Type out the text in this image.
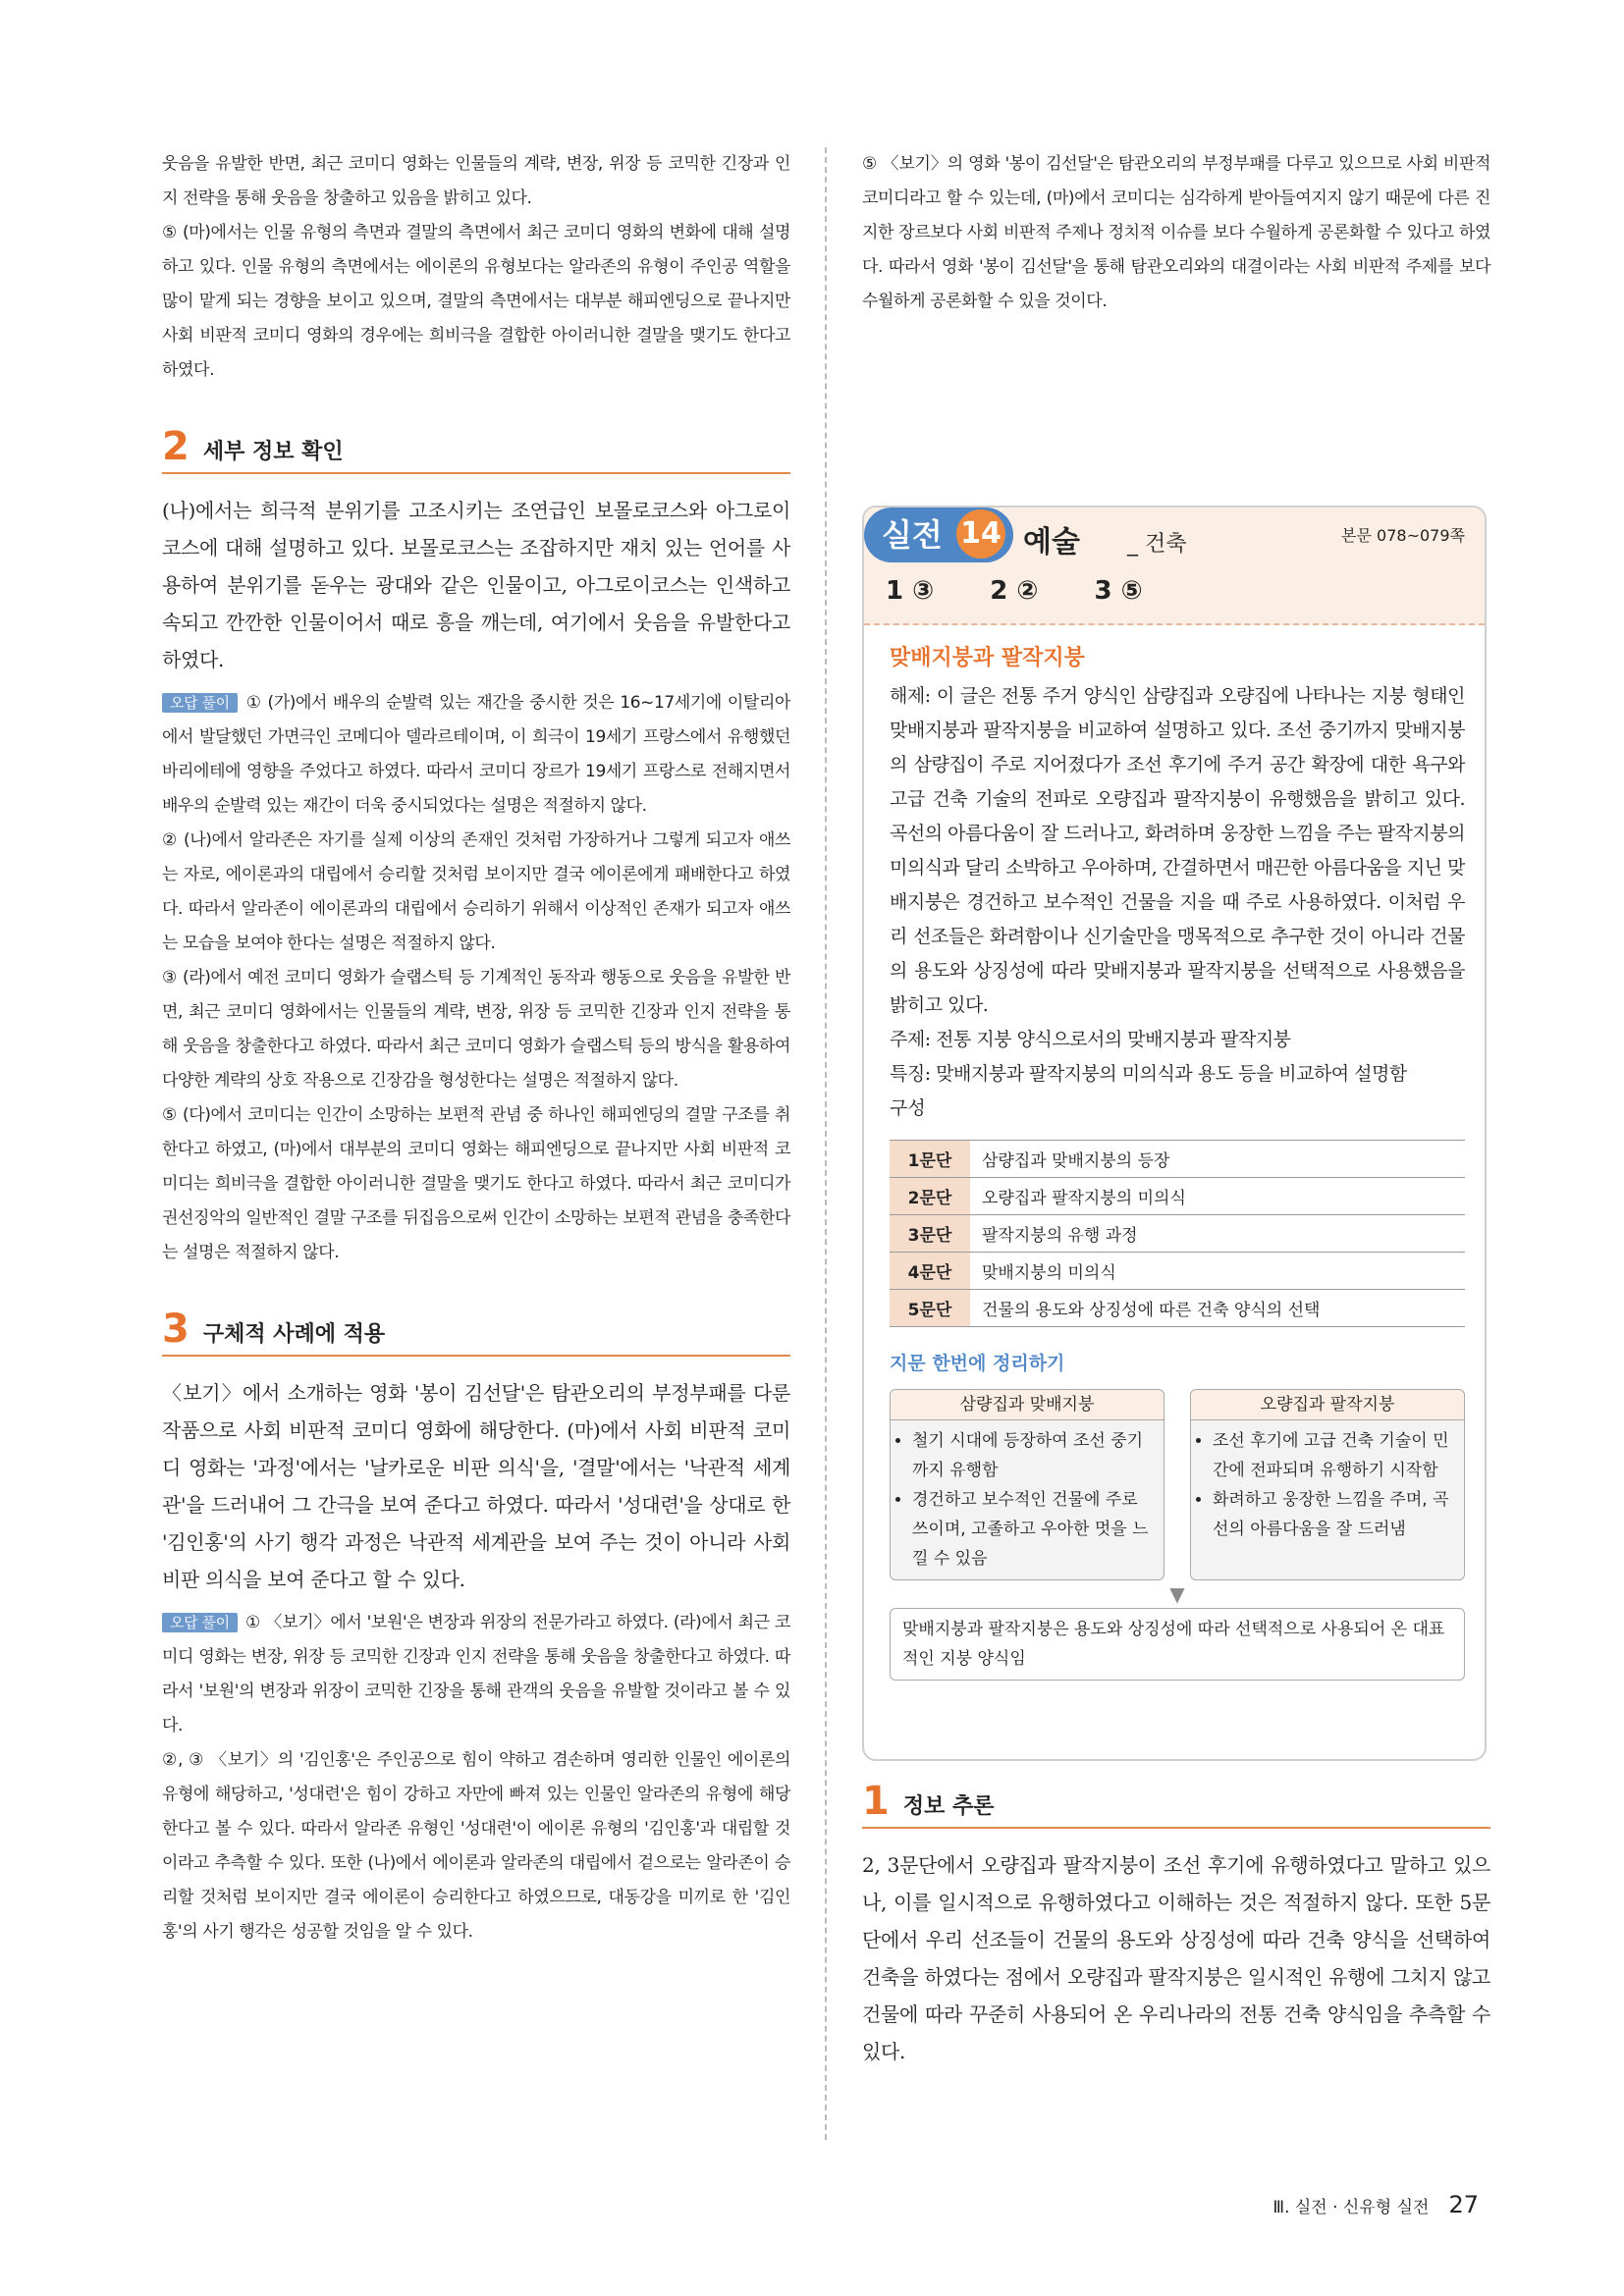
웃음을 유발한 반면, 최근 코미디 영화는 인물들의 계략, 변장, 위장 등 코믹한 긴장과 인지 전략을 통해 웃음을 창출하고 있음을 밝히고 있다.

⑤ (마)에서는 인물 유형의 측면과 결말의 측면에서 최근 코미디 영화의 변화에 대해 설명하고 있다. 인물 유형의 측면에서는 에이론의 유형보다는 알라존의 유형이 주인공 역할을 많이 맡게 되는 경향을 보이고 있으며, 결말의 측면에서는 대부분 해피엔딩으로 끝나지만 사회 비판적 코미디 영화의 경우에는 희비극을 결합한 아이러니한 결말을 맺기도 한다고 하였다.

2 세부 정보 확인

(나)에서는 희극적 분위기를 고조시키는 조연급인 보몰로코스와 아그로이코스에 대해 설명하고 있다. 보몰로코스는 조잡하지만 재치 있는 언어를 사용하여 분위기를 돋우는 광대와 같은 인물이고, 아그로이코스는 인색하고 속되고 깐깐한 인물이어서 때로 흥을 깨는데, 여기에서 웃음을 유발한다고 하였다.

오답 풀이 ① (가)에서 배우의 순발력 있는 재간을 중시한 것은 16~17세기에 이탈리아에서 발달했던 가면극인 코메디아 델라르테이며, 이 희극이 19세기 프랑스에서 유행했던 바리에테에 영향을 주었다고 하였다. 따라서 코미디 장르가 19세기 프랑스로 전해지면서 배우의 순발력 있는 재간이 더욱 중시되었다는 설명은 적절하지 않다.

② (나)에서 알라존은 자기를 실제 이상의 존재인 것처럼 가장하거나 그렇게 되고자 애쓰는 자로, 에이론과의 대립에서 승리할 것처럼 보이지만 결국 에이론에게 패배한다고 하였다. 따라서 알라존이 에이론과의 대립에서 승리하기 위해서 이상적인 존재가 되고자 애쓰는 모습을 보여야 한다는 설명은 적절하지 않다.

③ (라)에서 예전 코미디 영화가 슬랩스틱 등 기계적인 동작과 행동으로 웃음을 유발한 반면, 최근 코미디 영화에서는 인물들의 계략, 변장, 위장 등 코믹한 긴장과 인지 전략을 통해 웃음을 창출한다고 하였다. 따라서 최근 코미디 영화가 슬랩스틱 등의 방식을 활용하여 다양한 계략의 상호 작용으로 긴장감을 형성한다는 설명은 적절하지 않다.

⑤ (다)에서 코미디는 인간이 소망하는 보편적 관념 중 하나인 해피엔딩의 결말 구조를 취한다고 하였고, (마)에서 대부분의 코미디 영화는 해피엔딩으로 끝나지만 사회 비판적 코미디는 희비극을 결합한 아이러니한 결말을 맺기도 한다고 하였다. 따라서 최근 코미디가 권선징악의 일반적인 결말 구조를 뒤집음으로써 인간이 소망하는 보편적 관념을 충족한다는 설명은 적절하지 않다.

3 구체적 사례에 적용

〈보기〉에서 소개하는 영화 '봉이 김선달'은 탐관오리의 부정부패를 다룬 작품으로 사회 비판적 코미디 영화에 해당한다. (마)에서 사회 비판적 코미디 영화는 '과정'에서는 '날카로운 비판 의식'을, '결말'에서는 '낙관적 세계관'을 드러내어 그 간극을 보여 준다고 하였다. 따라서 '성대련'을 상대로 한 '김인홍'의 사기 행각 과정은 낙관적 세계관을 보여 주는 것이 아니라 사회 비판 의식을 보여 준다고 할 수 있다.

오답 풀이 ① 〈보기〉에서 '보원'은 변장과 위장의 전문가라고 하였다. (라)에서 최근 코미디 영화는 변장, 위장 등 코믹한 긴장과 인지 전략을 통해 웃음을 창출한다고 하였다. 따라서 '보원'의 변장과 위장이 코믹한 긴장을 통해 관객의 웃음을 유발할 것이라고 볼 수 있다.

②, ③ 〈보기〉의 '김인홍'은 주인공으로 힘이 약하고 겸손하며 영리한 인물인 에이론의 유형에 해당하고, '성대련'은 힘이 강하고 자만에 빠져 있는 인물인 알라존의 유형에 해당한다고 볼 수 있다. 따라서 알라존 유형인 '성대련'이 에이론 유형의 '김인홍'과 대립할 것이라고 추측할 수 있다. 또한 (나)에서 에이론과 알라존의 대립에서 겉으로는 알라존이 승리할 것처럼 보이지만 결국 에이론이 승리한다고 하였으므로, 대동강을 미끼로 한 '김인홍'의 사기 행각은 성공할 것임을 알 수 있다.

⑤ 〈보기〉의 영화 '봉이 김선달'은 탐관오리의 부정부패를 다루고 있으므로 사회 비판적 코미디라고 할 수 있는데, (마)에서 코미디는 심각하게 받아들여지지 않기 때문에 다른 진지한 장르보다 사회 비판적 주제나 정치적 이슈를 보다 수월하게 공론화할 수 있다고 하였다. 따라서 영화 '봉이 김선달'을 통해 탐관오리와의 대결이라는 사회 비판적 주제를 보다 수월하게 공론화할 수 있을 것이다.

실전 14 예술 _ 건축	본문 078~079쪽
1 ③ 2 ② 3 ⑤
맞배지붕과 팔작지붕

해제: 이 글은 전통 주거 양식인 삼량집과 오량집에 나타나는 지붕 형태인 맞배지붕과 팔작지붕을 비교하여 설명하고 있다. 조선 중기까지 맞배지붕의 삼량집이 주로 지어졌다가 조선 후기에 주거 공간 확장에 대한 욕구와 고급 건축 기술의 전파로 오량집과 팔작지붕이 유행했음을 밝히고 있다. 곡선의 아름다움이 잘 드러나고, 화려하며 웅장한 느낌을 주는 팔작지붕의 미의식과 달리 소박하고 우아하며, 간결하면서 매끈한 아름다움을 지닌 맞배지붕은 경건하고 보수적인 건물을 지을 때 주로 사용하였다. 이처럼 우리 선조들은 화려함이나 신기술만을 맹목적으로 추구한 것이 아니라 건물의 용도와 상징성에 따라 맞배지붕과 팔작지붕을 선택적으로 사용했음을 밝히고 있다.

주제: 전통 지붕 양식으로서의 맞배지붕과 팔작지붕

특징: 맞배지붕과 팔작지붕의 미의식과 용도 등을 비교하여 설명함

구성
1문단	삼량집과 맞배지붕의 등장
2문단	오량집과 팔작지붕의 미의식
3문단	팔작지붕의 유행 과정
4문단	맞배지붕의 미의식
5문단	건물의 용도와 상징성에 따른 건축 양식의 선택
지문 한번에 정리하기
삼량집과 맞배지붕
• 철기 시대에 등장하여 조선 중기까지 유행함
• 경건하고 보수적인 건물에 주로 쓰이며, 고졸하고 우아한 멋을 느낄 수 있음
오량집과 팔작지붕
• 조선 후기에 고급 건축 기술이 민간에 전파되며 유행하기 시작함
• 화려하고 웅장한 느낌을 주며, 곡선의 아름다움을 잘 드러냄
▼
맞배지붕과 팔작지붕은 용도와 상징성에 따라 선택적으로 사용되어 온 대표적인 지붕 양식임
1 정보 추론

2, 3문단에서 오량집과 팔작지붕이 조선 후기에 유행하였다고 말하고 있으나, 이를 일시적으로 유행하였다고 이해하는 것은 적절하지 않다. 또한 5문단에서 우리 선조들이 건물의 용도와 상징성에 따라 건축 양식을 선택하여 건축을 하였다는 점에서 오량집과 팔작지붕은 일시적인 유행에 그치지 않고 건물에 따라 꾸준히 사용되어 온 우리나라의 전통 건축 양식임을 추측할 수 있다.

Ⅲ. 실전 · 신유형 실전 27
